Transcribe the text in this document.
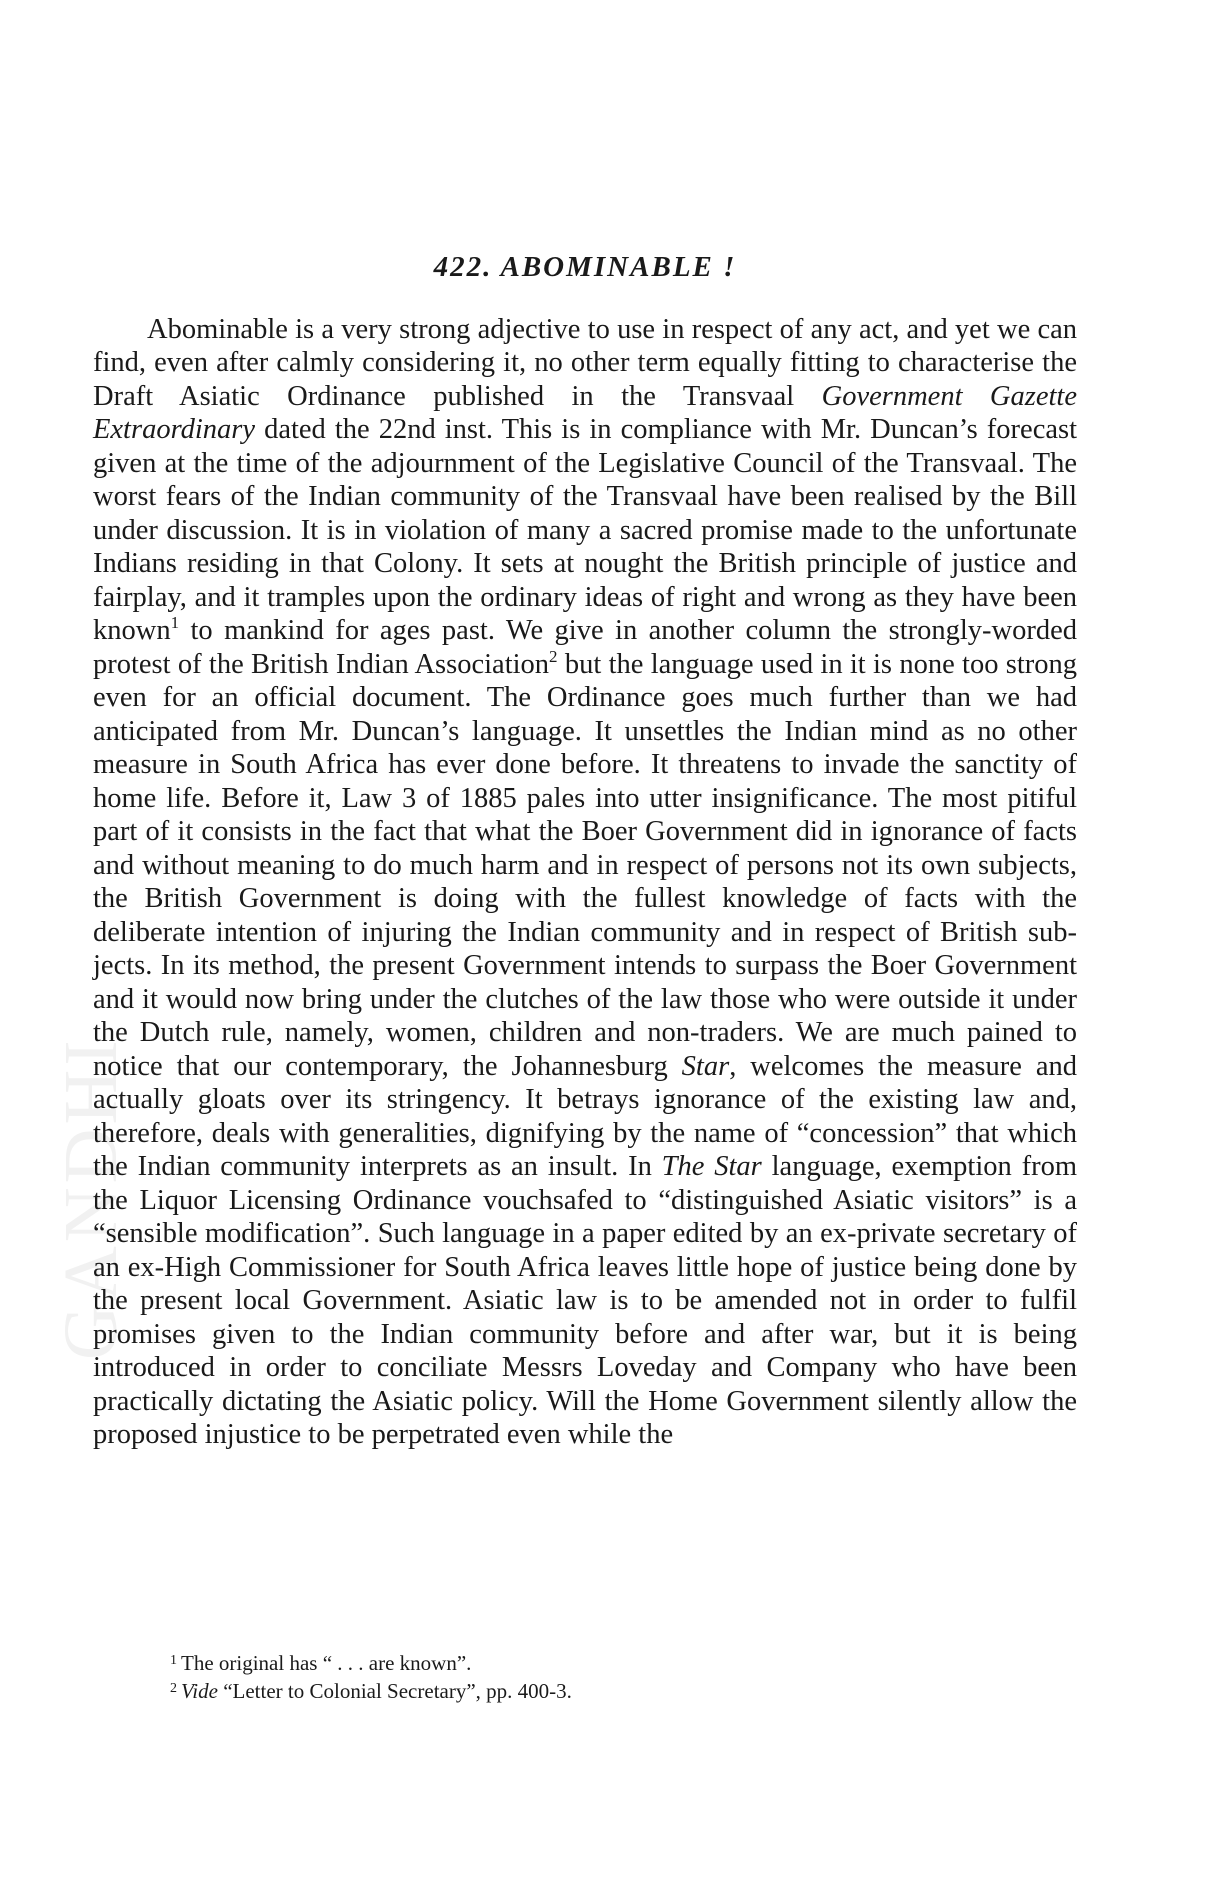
GANDHI
422. ABOMINABLE !

Abominable is a very strong adjective to use in respect of any act, and yet we can find, even after calmly considering it, no other term equally fitting to characterise the Draft Asiatic Ordinance published in the Transvaal Government Gazette Extraordinary dated the 22nd inst. This is in compliance with Mr. Duncan’s forecast given at the time of the adjournment of the Legislative Council of the Transvaal. The worst fears of the Indian community of the Transvaal have been realised by the Bill under discussion. It is in violation of many a sacred promise made to the unfortunate Indians residing in that Colony. It sets at nought the British principle of justice and fairplay, and it tramples upon the ordinary ideas of right and wrong as they have been known$^1$ to mankind for ages past. We give in another column the strongly-worded protest of the British Indian Association$^2$ but the language used in it is none too strong even for an official document. The Ordinance goes much further than we had anticipated from Mr. Duncan’s language. It unsettles the Indian mind as no other measure in South Africa has ever done before. It threatens to invade the sanctity of home life. Before it, Law 3 of 1885 pales into utter insignificance. The most pitiful part of it consists in the fact that what the Boer Government did in ignorance of facts and without meaning to do much harm and in respect of persons not its own subjects, the British Government is doing with the fullest knowledge of facts with the deliberate intention of injuring the Indian community and in respect of British subjects. In its method, the present Government intends to surpass the Boer Government and it would now bring under the clutches of the law those who were outside it under the Dutch rule, namely, women, children and non-traders. We are much pained to notice that our contemporary, the Johannesburg Star, welcomes the measure and actually gloats over its stringency. It betrays ignorance of the existing law and, therefore, deals with generalities, dignifying by the name of “concession” that which the Indian community interprets as an insult. In The Star language, exemption from the Liquor Licensing Ordinance vouchsafed to “distinguished Asiatic visitors” is a “sensible modification”. Such language in a paper edited by an ex-private secretary of an ex-High Commissioner for South Africa leaves little hope of justice being done by the present local Government. Asiatic law is to be amended not in order to fulfil promises given to the Indian community before and after war, but it is being introduced in order to conciliate Messrs Loveday and Company who have been practically dictating the Asiatic policy. Will the Home Government silently allow the proposed injustice to be perpetrated even while the

$^1$ The original has “ . . . are known”.

$^2$ Vide “Letter to Colonial Secretary”, pp. 400-3.
